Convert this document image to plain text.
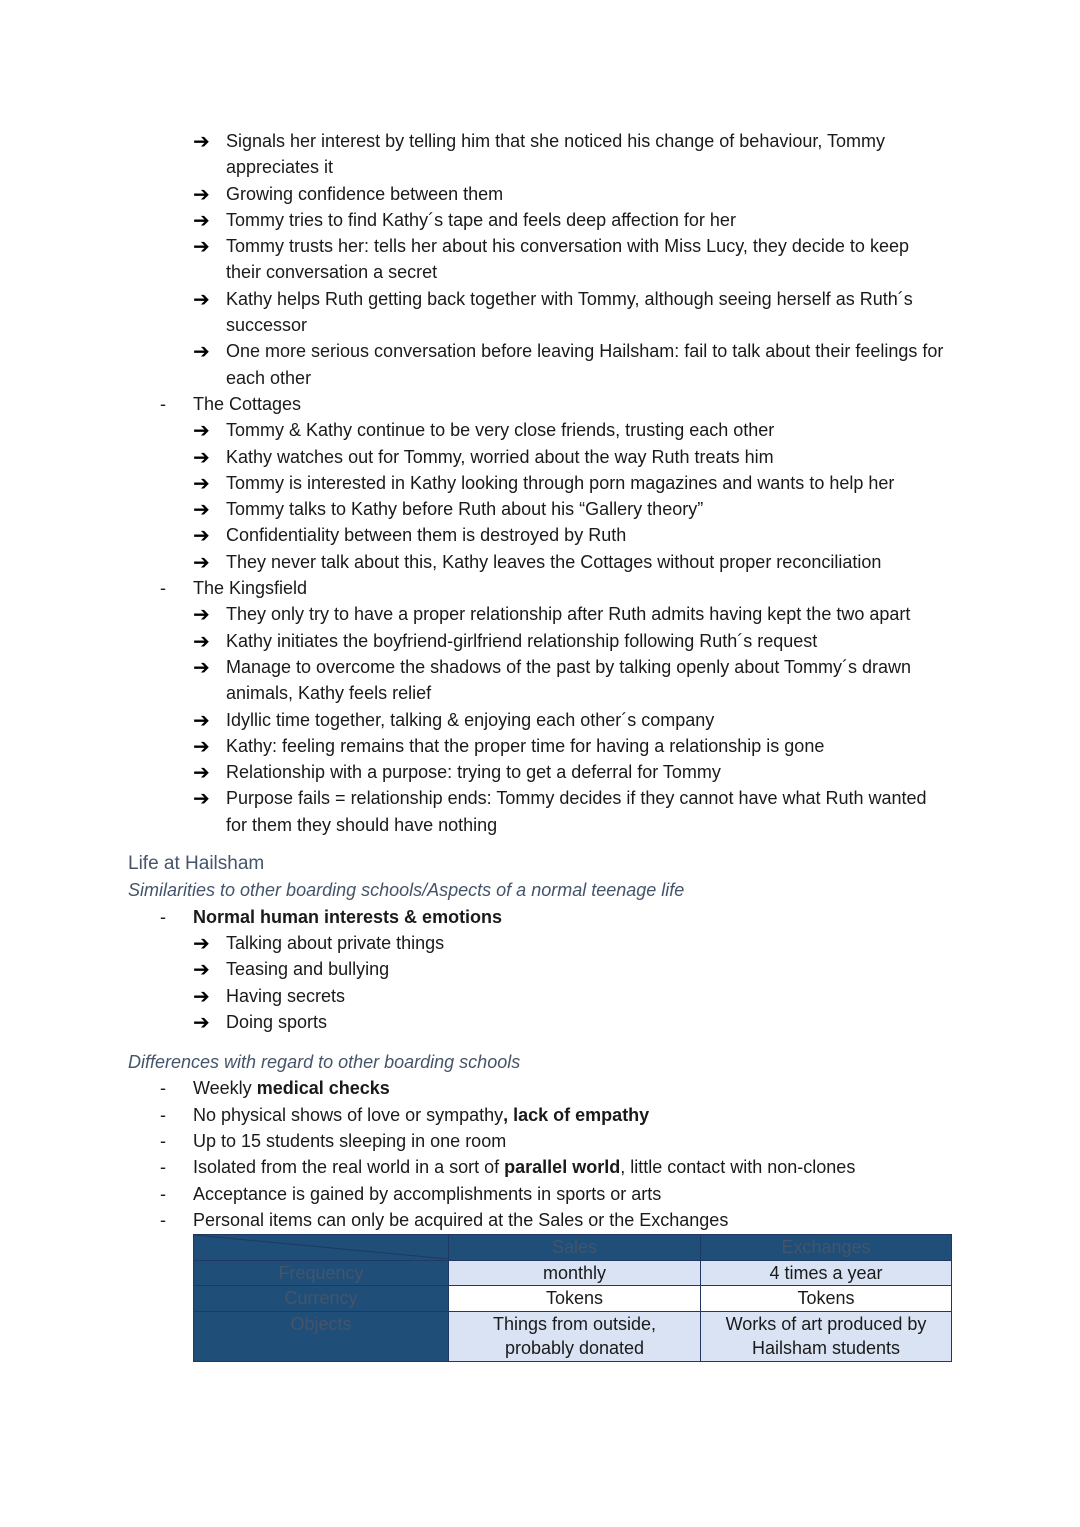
➔ Signals her interest by telling him that she noticed his change of behaviour, Tommy appreciates it
➔ Growing confidence between them
➔ Tommy tries to find Kathy´s tape and feels deep affection for her
➔ Tommy trusts her: tells her about his conversation with Miss Lucy, they decide to keep their conversation a secret
➔ Kathy helps Ruth getting back together with Tommy, although seeing herself as Ruth´s successor
➔ One more serious conversation before leaving Hailsham: fail to talk about their feelings for each other
- The Cottages
➔ Tommy & Kathy continue to be very close friends, trusting each other
➔ Kathy watches out for Tommy, worried about the way Ruth treats him
➔ Tommy is interested in Kathy looking through porn magazines and wants to help her
➔ Tommy talks to Kathy before Ruth about his “Gallery theory”
➔ Confidentiality between them is destroyed by Ruth
➔ They never talk about this, Kathy leaves the Cottages without proper reconciliation
- The Kingsfield
➔ They only try to have a proper relationship after Ruth admits having kept the two apart
➔ Kathy initiates the boyfriend-girlfriend relationship following Ruth´s request
➔ Manage to overcome the shadows of the past by talking openly about Tommy´s drawn animals, Kathy feels relief
➔ Idyllic time together, talking & enjoying each other´s company
➔ Kathy: feeling remains that the proper time for having a relationship is gone
➔ Relationship with a purpose: trying to get a deferral for Tommy
➔ Purpose fails = relationship ends: Tommy decides if they cannot have what Ruth wanted for them they should have nothing
Life at Hailsham
Similarities to other boarding schools/Aspects of a normal teenage life
- Normal human interests & emotions
➔ Talking about private things
➔ Teasing and bullying
➔ Having secrets
➔ Doing sports
Differences with regard to other boarding schools
- Weekly medical checks
- No physical shows of love or sympathy, lack of empathy
- Up to 15 students sleeping in one room
- Isolated from the real world in a sort of parallel world, little contact with non-clones
- Acceptance is gained by accomplishments in sports or arts
- Personal items can only be acquired at the Sales or the Exchanges
	Sales	Exchanges
Frequency	monthly	4 times a year
Currency	Tokens	Tokens
Objects	Things from outside, probably donated	Works of art produced by Hailsham students
